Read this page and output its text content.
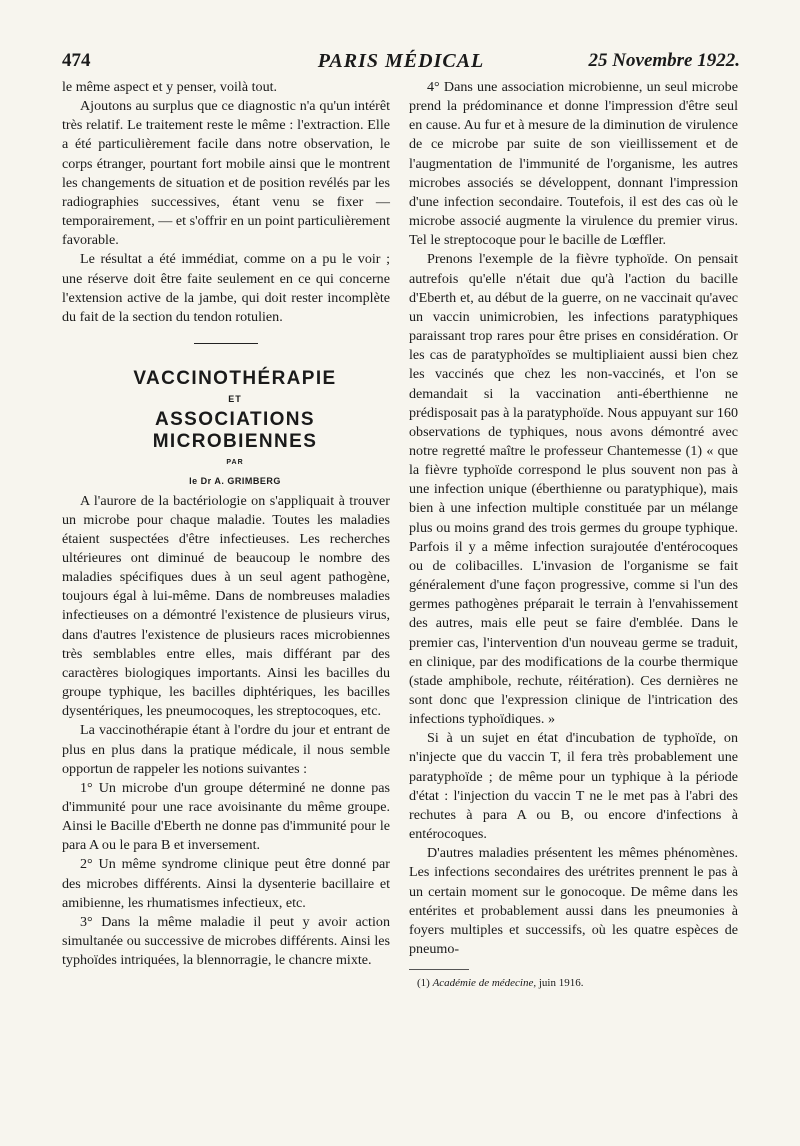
474	PARIS MÉDICAL	25 Novembre 1922.

le même aspect et y penser, voilà tout.

Ajoutons au surplus que ce diagnostic n'a qu'un intérêt très relatif. Le traitement reste le même : l'extraction. Elle a été particulièrement facile dans notre observation, le corps étranger, pourtant fort mobile ainsi que le montrent les changements de situation et de position revélés par les radiographies successives, étant venu se fixer — temporairement, — et s'offrir en un point particulièrement favorable.

Le résultat a été immédiat, comme on a pu le voir ; une réserve doit être faite seulement en ce qui concerne l'extension active de la jambe, qui doit rester incomplète du fait de la section du tendon rotulien.

VACCINOTHÉRAPIE

ET

ASSOCIATIONS

MICROBIENNES

PAR

le Dr A. GRIMBERG

A l'aurore de la bactériologie on s'appliquait à trouver un microbe pour chaque maladie. Toutes les maladies étaient suspectées d'être infectieuses. Les recherches ultérieures ont diminué de beaucoup le nombre des maladies spécifiques dues à un seul agent pathogène, toujours égal à lui-même. Dans de nombreuses maladies infectieuses on a démontré l'existence de plusieurs virus, dans d'autres l'existence de plusieurs races microbiennes très semblables entre elles, mais différant par des caractères biologiques importants. Ainsi les bacilles du groupe typhique, les bacilles diphtériques, les bacilles dysentériques, les pneumocoques, les streptocoques, etc.

La vaccinothérapie étant à l'ordre du jour et entrant de plus en plus dans la pratique médicale, il nous semble opportun de rappeler les notions suivantes :

1° Un microbe d'un groupe déterminé ne donne pas d'immunité pour une race avoisinante du même groupe. Ainsi le Bacille d'Eberth ne donne pas d'immunité pour le para A ou le para B et inversement.

2° Un même syndrome clinique peut être donné par des microbes différents. Ainsi la dysenterie bacillaire et amibienne, les rhumatismes infectieux, etc.

3° Dans la même maladie il peut y avoir action simultanée ou successive de microbes différents. Ainsi les typhoïdes intriquées, la blennorragie, le chancre mixte.

4° Dans une association microbienne, un seul microbe prend la prédominance et donne l'impression d'être seul en cause. Au fur et à mesure de la diminution de virulence de ce microbe par suite de son vieillissement et de l'augmentation de l'immunité de l'organisme, les autres microbes associés se développent, donnant l'impression d'une infection secondaire. Toutefois, il est des cas où le microbe associé augmente la virulence du premier virus. Tel le streptocoque pour le bacille de Lœffler.

Prenons l'exemple de la fièvre typhoïde. On pensait autrefois qu'elle n'était due qu'à l'action du bacille d'Eberth et, au début de la guerre, on ne vaccinait qu'avec un vaccin unimicrobien, les infections paratyphiques paraissant trop rares pour être prises en considération. Or les cas de paratyphoïdes se multipliaient aussi bien chez les vaccinés que chez les non-vaccinés, et l'on se demandait si la vaccination anti-éberthienne ne prédisposait pas à la paratyphoïde. Nous appuyant sur 160 observations de typhiques, nous avons démontré avec notre regretté maître le professeur Chantemesse (1) « que la fièvre typhoïde correspond le plus souvent non pas à une infection unique (éberthienne ou paratyphique), mais bien à une infection multiple constituée par un mélange plus ou moins grand des trois germes du groupe typhique. Parfois il y a même infection surajoutée d'entérocoques ou de colibacilles. L'invasion de l'organisme se fait généralement d'une façon progressive, comme si l'un des germes pathogènes préparait le terrain à l'envahissement des autres, mais elle peut se faire d'emblée. Dans le premier cas, l'intervention d'un nouveau germe se traduit, en clinique, par des modifications de la courbe thermique (stade amphibole, rechute, réitération). Ces dernières ne sont donc que l'expression clinique de l'intrication des infections typhoïdiques. »

Si à un sujet en état d'incubation de typhoïde, on n'injecte que du vaccin T, il fera très probablement une paratyphoïde ; de même pour un typhique à la période d'état : l'injection du vaccin T ne le met pas à l'abri des rechutes à para A ou B, ou encore d'infections à entérocoques.

D'autres maladies présentent les mêmes phénomènes. Les infections secondaires des urétrites prennent le pas à un certain moment sur le gonocoque. De même dans les entérites et probablement aussi dans les pneumonies à foyers multiples et successifs, où les quatre espèces de pneumo-

(1) Académie de médecine, juin 1916.
